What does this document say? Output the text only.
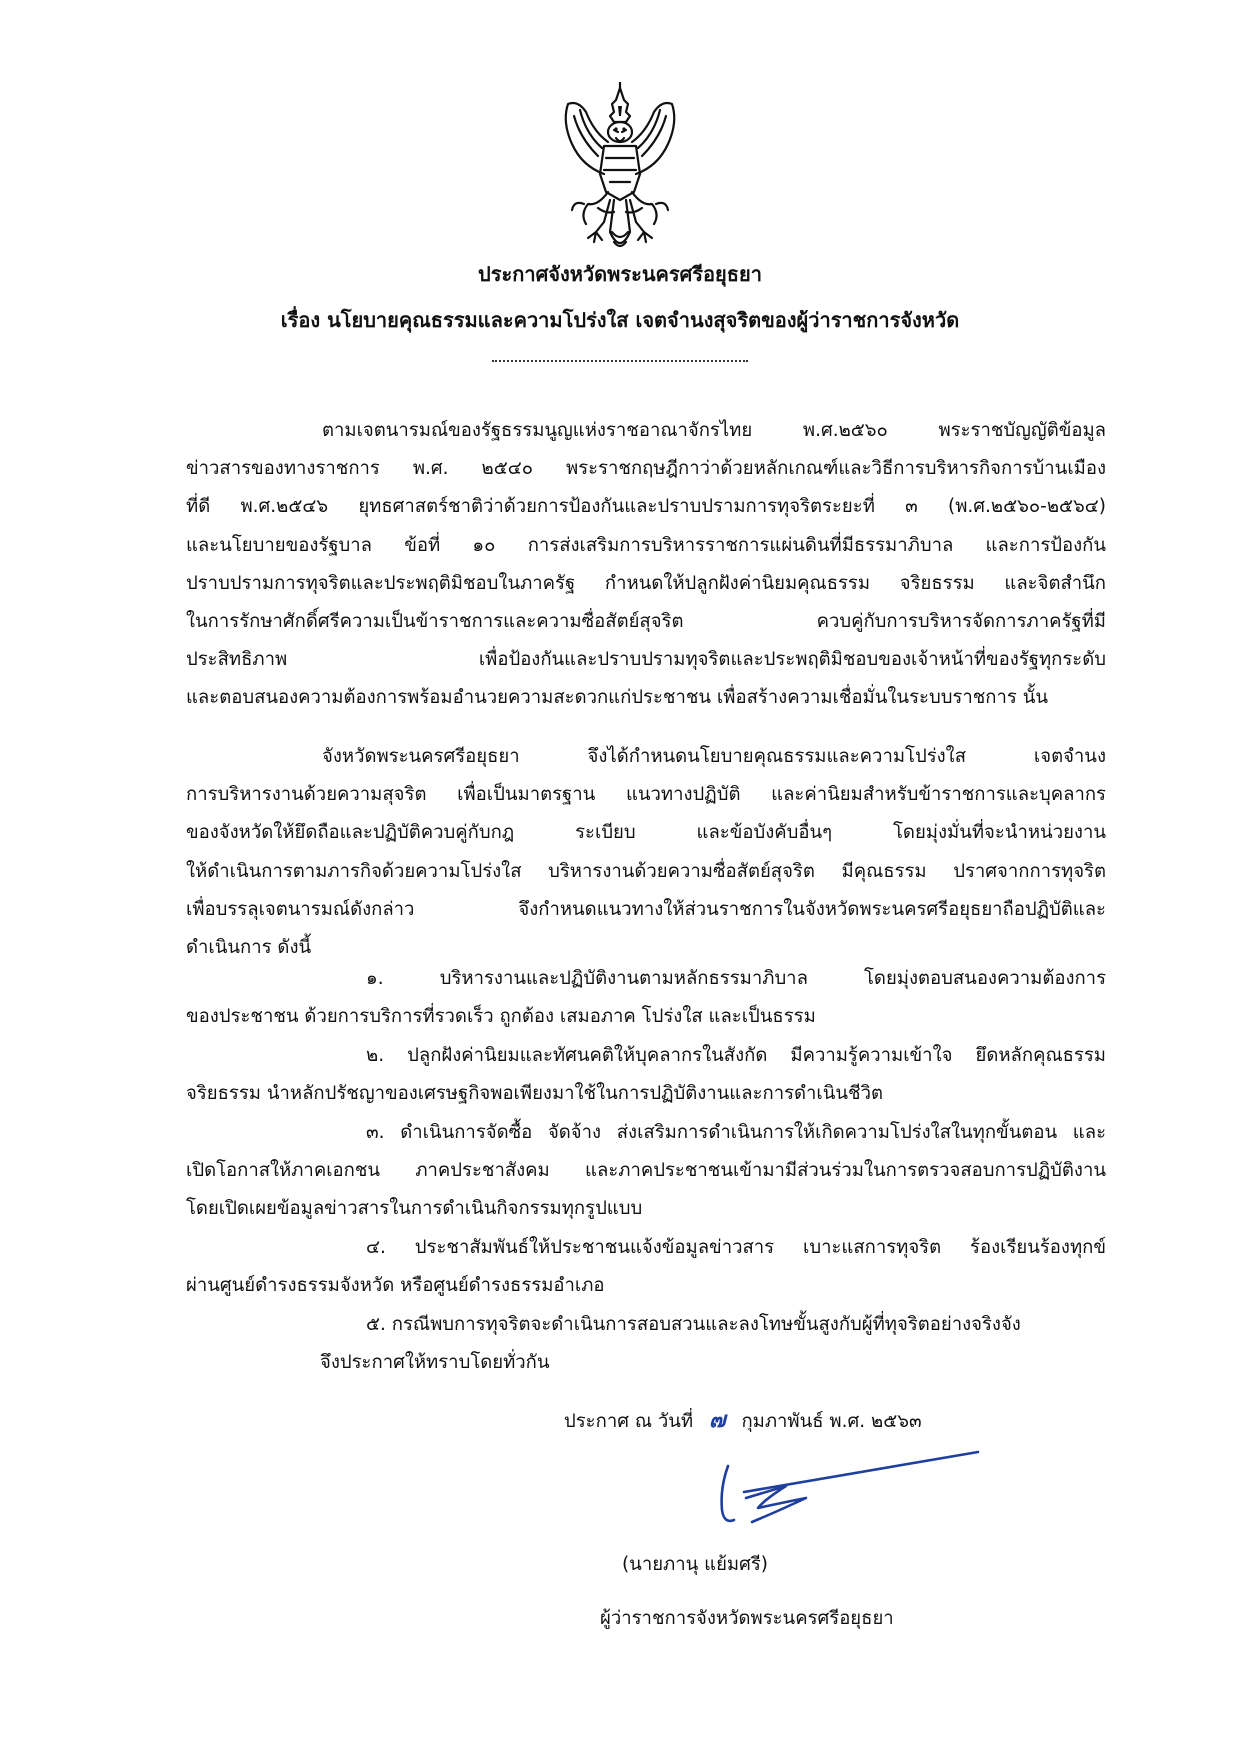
ประกาศจังหวัดพระนครศรีอยุธยา
เรื่อง นโยบายคุณธรรมและความโปร่งใส เจตจำนงสุจริตของผู้ว่าราชการจังหวัด
ตามเจตนารมณ์ของรัฐธรรมนูญแห่งราชอาณาจักรไทย พ.ศ.๒๕๖๐ พระราชบัญญัติข้อมูล
ข่าวสารของทางราชการ พ.ศ. ๒๕๔๐ พระราชกฤษฎีกาว่าด้วยหลักเกณฑ์และวิธีการบริหารกิจการบ้านเมือง
ที่ดี พ.ศ.๒๕๔๖ ยุทธศาสตร์ชาติว่าด้วยการป้องกันและปราบปรามการทุจริตระยะที่ ๓ (พ.ศ.๒๕๖๐-๒๕๖๔)
และนโยบายของรัฐบาล ข้อที่ ๑๐ การส่งเสริมการบริหารราชการแผ่นดินที่มีธรรมาภิบาล และการป้องกัน
ปราบปรามการทุจริตและประพฤติมิชอบในภาครัฐ กำหนดให้ปลูกฝังค่านิยมคุณธรรม จริยธรรม และจิตสำนึก
ในการรักษาศักดิ์ศรีความเป็นข้าราชการและความซื่อสัตย์สุจริต ควบคู่กับการบริหารจัดการภาครัฐที่มี
ประสิทธิภาพ เพื่อป้องกันและปราบปรามทุจริตและประพฤติมิชอบของเจ้าหน้าที่ของรัฐทุกระดับ
และตอบสนองความต้องการพร้อมอำนวยความสะดวกแก่ประชาชน เพื่อสร้างความเชื่อมั่นในระบบราชการ นั้น
จังหวัดพระนครศรีอยุธยา จึงได้กำหนดนโยบายคุณธรรมและความโปร่งใส เจตจำนง
การบริหารงานด้วยความสุจริต เพื่อเป็นมาตรฐาน แนวทางปฏิบัติ และค่านิยมสำหรับข้าราชการและบุคลากร
ของจังหวัดให้ยึดถือและปฏิบัติควบคู่กับกฎ ระเบียบ และข้อบังคับอื่นๆ โดยมุ่งมั่นที่จะนำหน่วยงาน
ให้ดำเนินการตามภารกิจด้วยความโปร่งใส บริหารงานด้วยความซื่อสัตย์สุจริต มีคุณธรรม ปราศจากการทุจริต
เพื่อบรรลุเจตนารมณ์ดังกล่าว จึงกำหนดแนวทางให้ส่วนราชการในจังหวัดพระนครศรีอยุธยาถือปฏิบัติและ
ดำเนินการ ดังนี้
๑. บริหารงานและปฏิบัติงานตามหลักธรรมาภิบาล โดยมุ่งตอบสนองความต้องการ
ของประชาชน ด้วยการบริการที่รวดเร็ว ถูกต้อง เสมอภาค โปร่งใส และเป็นธรรม
๒. ปลูกฝังค่านิยมและทัศนคติให้บุคลากรในสังกัด มีความรู้ความเข้าใจ ยึดหลักคุณธรรม
จริยธรรม นำหลักปรัชญาของเศรษฐกิจพอเพียงมาใช้ในการปฏิบัติงานและการดำเนินชีวิต
๓. ดำเนินการจัดซื้อ จัดจ้าง ส่งเสริมการดำเนินการให้เกิดความโปร่งใสในทุกขั้นตอน และ
เปิดโอกาสให้ภาคเอกชน ภาคประชาสังคม และภาคประชาชนเข้ามามีส่วนร่วมในการตรวจสอบการปฏิบัติงาน
โดยเปิดเผยข้อมูลข่าวสารในการดำเนินกิจกรรมทุกรูปแบบ
๔. ประชาสัมพันธ์ให้ประชาชนแจ้งข้อมูลข่าวสาร เบาะแสการทุจริต ร้องเรียนร้องทุกข์
ผ่านศูนย์ดำรงธรรมจังหวัด หรือศูนย์ดำรงธรรมอำเภอ
๕. กรณีพบการทุจริตจะดำเนินการสอบสวนและลงโทษขั้นสูงกับผู้ที่ทุจริตอย่างจริงจัง
จึงประกาศให้ทราบโดยทั่วกัน
ประกาศ ณ วันที่ ๗ กุมภาพันธ์ พ.ศ. ๒๕๖๓
(นายภานุ แย้มศรี)
ผู้ว่าราชการจังหวัดพระนครศรีอยุธยา
